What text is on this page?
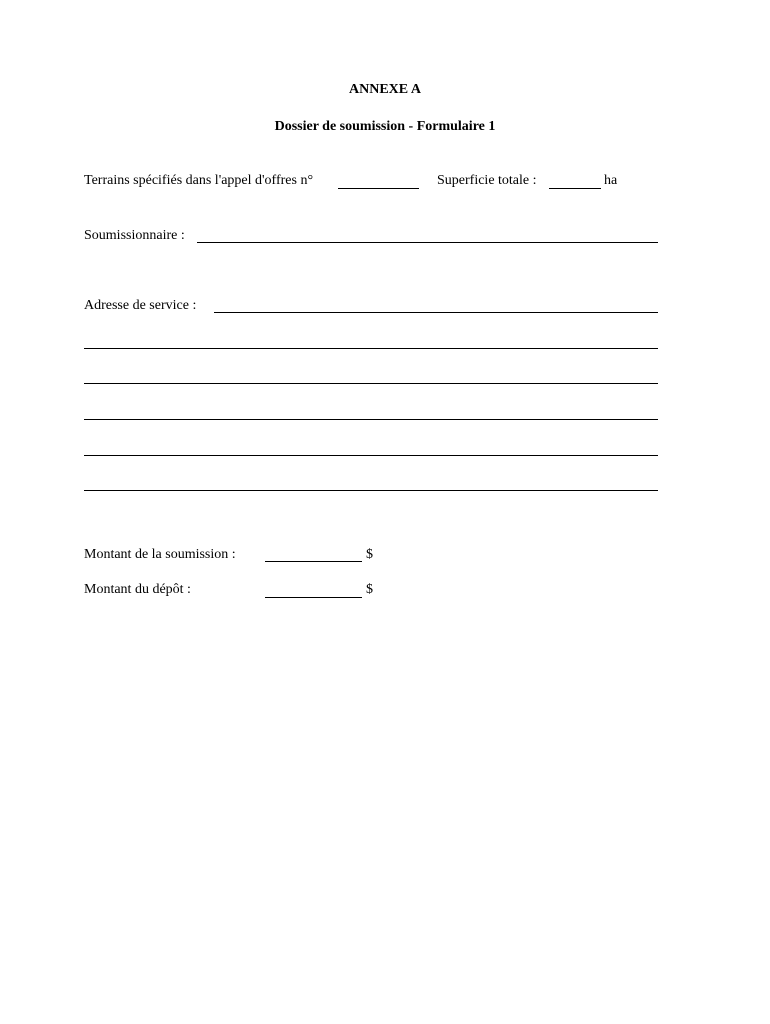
ANNEXE A
Dossier de soumission - Formulaire 1
Terrains spécifiés dans l'appel d'offres n°	Superficie totale :	ha
Soumissionnaire :
Adresse de service :
Montant de la soumission :	$
Montant du dépôt :	$
